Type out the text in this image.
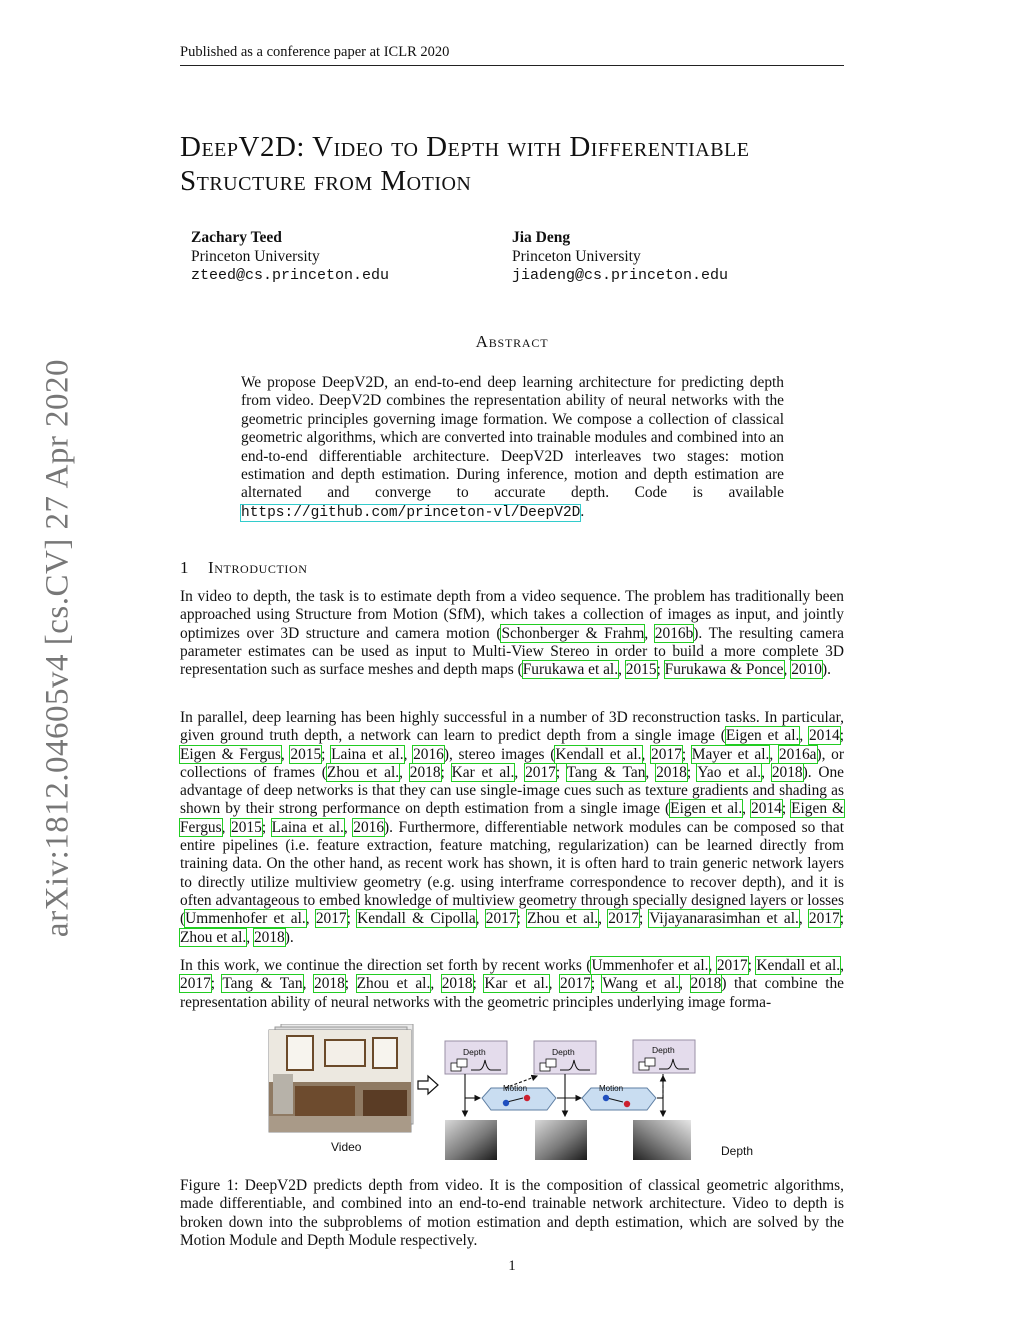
Published as a conference paper at ICLR 2020
arXiv:1812.04605v4 [cs.CV] 27 Apr 2020
DeepV2D: Video to Depth with Differentiable
Structure from Motion
Zachary Teed
Princeton University
zteed@cs.princeton.edu
Jia Deng
Princeton University
jiadeng@cs.princeton.edu
Abstract
We propose DeepV2D, an end-to-end deep learning architecture for predicting depth from video. DeepV2D combines the representation ability of neural networks with the geometric principles governing image formation. We compose a collection of classical geometric algorithms, which are converted into trainable modules and combined into an end-to-end differentiable architecture. DeepV2D interleaves two stages: motion estimation and depth estimation. During inference, motion and depth estimation are alternated and converge to accurate depth. Code is available https://github.com/princeton-vl/DeepV2D.
1 Introduction
In video to depth, the task is to estimate depth from a video sequence. The problem has traditionally been approached using Structure from Motion (SfM), which takes a collection of images as input, and jointly optimizes over 3D structure and camera motion (Schonberger & Frahm, 2016b). The resulting camera parameter estimates can be used as input to Multi-View Stereo in order to build a more complete 3D representation such as surface meshes and depth maps (Furukawa et al., 2015; Furukawa & Ponce, 2010).
In parallel, deep learning has been highly successful in a number of 3D reconstruction tasks. In particular, given ground truth depth, a network can learn to predict depth from a single image (Eigen et al., 2014; Eigen & Fergus, 2015; Laina et al., 2016), stereo images (Kendall et al., 2017; Mayer et al., 2016a), or collections of frames (Zhou et al., 2018; Kar et al., 2017; Tang & Tan, 2018; Yao et al., 2018). One advantage of deep networks is that they can use single-image cues such as texture gradients and shading as shown by their strong performance on depth estimation from a single image (Eigen et al., 2014; Eigen & Fergus, 2015; Laina et al., 2016). Furthermore, differentiable network modules can be composed so that entire pipelines (i.e. feature extraction, feature matching, regularization) can be learned directly from training data. On the other hand, as recent work has shown, it is often hard to train generic network layers to directly utilize multiview geometry (e.g. using interframe correspondence to recover depth), and it is often advantageous to embed knowledge of multiview geometry through specially designed layers or losses (Ummenhofer et al., 2017; Kendall & Cipolla, 2017; Zhou et al., 2017; Vijayanarasimhan et al., 2017; Zhou et al., 2018).
In this work, we continue the direction set forth by recent works (Ummenhofer et al., 2017; Kendall et al., 2017; Tang & Tan, 2018; Zhou et al., 2018; Kar et al., 2017; Wang et al., 2018) that combine the representation ability of neural networks with the geometric principles underlying image forma-
Video
Depth	Depth	Depth
Motion	Motion
Depth
Figure 1: DeepV2D predicts depth from video. It is the composition of classical geometric algorithms, made differentiable, and combined into an end-to-end trainable network architecture. Video to depth is broken down into the subproblems of motion estimation and depth estimation, which are solved by the Motion Module and Depth Module respectively.
1
